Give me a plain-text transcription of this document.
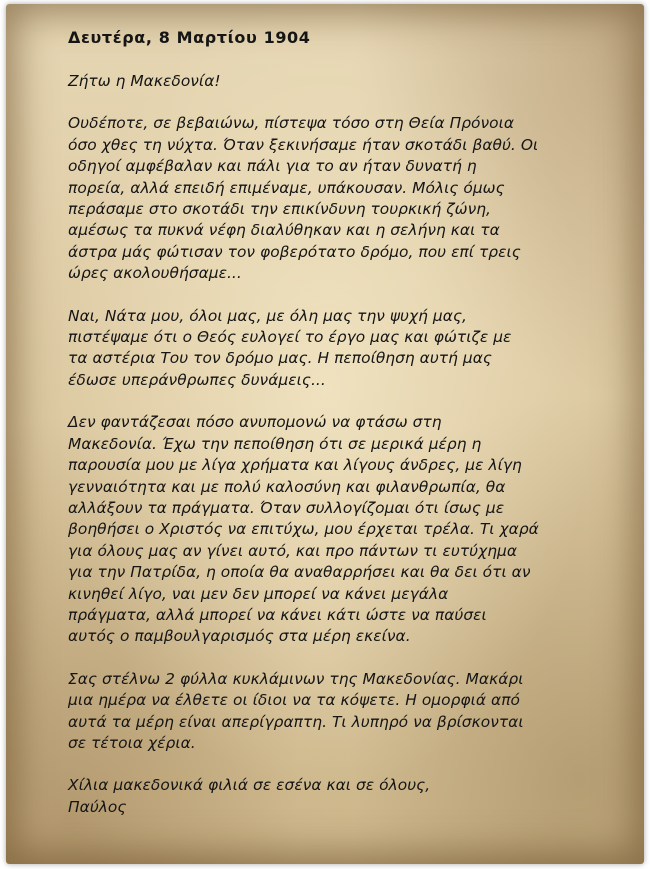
Δευτέρα, 8 Μαρτίου 1904
Ζήτω η Μακεδονία!
Ουδέποτε, σε βεβαιώνω, πίστεψα τόσο στη Θεία Πρόνοια
όσο χθες τη νύχτα. Όταν ξεκινήσαμε ήταν σκοτάδι βαθύ. Οι
οδηγοί αμφέβαλαν και πάλι για το αν ήταν δυνατή η
πορεία, αλλά επειδή επιμέναμε, υπάκουσαν. Μόλις όμως
περάσαμε στο σκοτάδι την επικίνδυνη τουρκική ζώνη,
αμέσως τα πυκνά νέφη διαλύθηκαν και η σελήνη και τα
άστρα μάς φώτισαν τον φοβερότατο δρόμο, που επί τρεις
ώρες ακολουθήσαμε...
Ναι, Νάτα μου, όλοι μας, με όλη μας την ψυχή μας,
πιστέψαμε ότι ο Θεός ευλογεί το έργο μας και φώτιζε με
τα αστέρια Του τον δρόμο μας. Η πεποίθηση αυτή μας
έδωσε υπεράνθρωπες δυνάμεις...
Δεν φαντάζεσαι πόσο ανυπομονώ να φτάσω στη
Μακεδονία. Έχω την πεποίθηση ότι σε μερικά μέρη η
παρουσία μου με λίγα χρήματα και λίγους άνδρες, με λίγη
γενναιότητα και με πολύ καλοσύνη και φιλανθρωπία, θα
αλλάξουν τα πράγματα. Όταν συλλογίζομαι ότι ίσως με
βοηθήσει ο Χριστός να επιτύχω, μου έρχεται τρέλα. Τι χαρά
για όλους μας αν γίνει αυτό, και προ πάντων τι ευτύχημα
για την Πατρίδα, η οποία θα αναθαρρήσει και θα δει ότι αν
κινηθεί λίγο, ναι μεν δεν μπορεί να κάνει μεγάλα
πράγματα, αλλά μπορεί να κάνει κάτι ώστε να παύσει
αυτός ο παμβουλγαρισμός στα μέρη εκείνα.
Σας στέλνω 2 φύλλα κυκλάμινων της Μακεδονίας. Μακάρι
μια ημέρα να έλθετε οι ίδιοι να τα κόψετε. Η ομορφιά από
αυτά τα μέρη είναι απερίγραπτη. Τι λυπηρό να βρίσκονται
σε τέτοια χέρια.
Χίλια μακεδονικά φιλιά σε εσένα και σε όλους,
Παύλος
